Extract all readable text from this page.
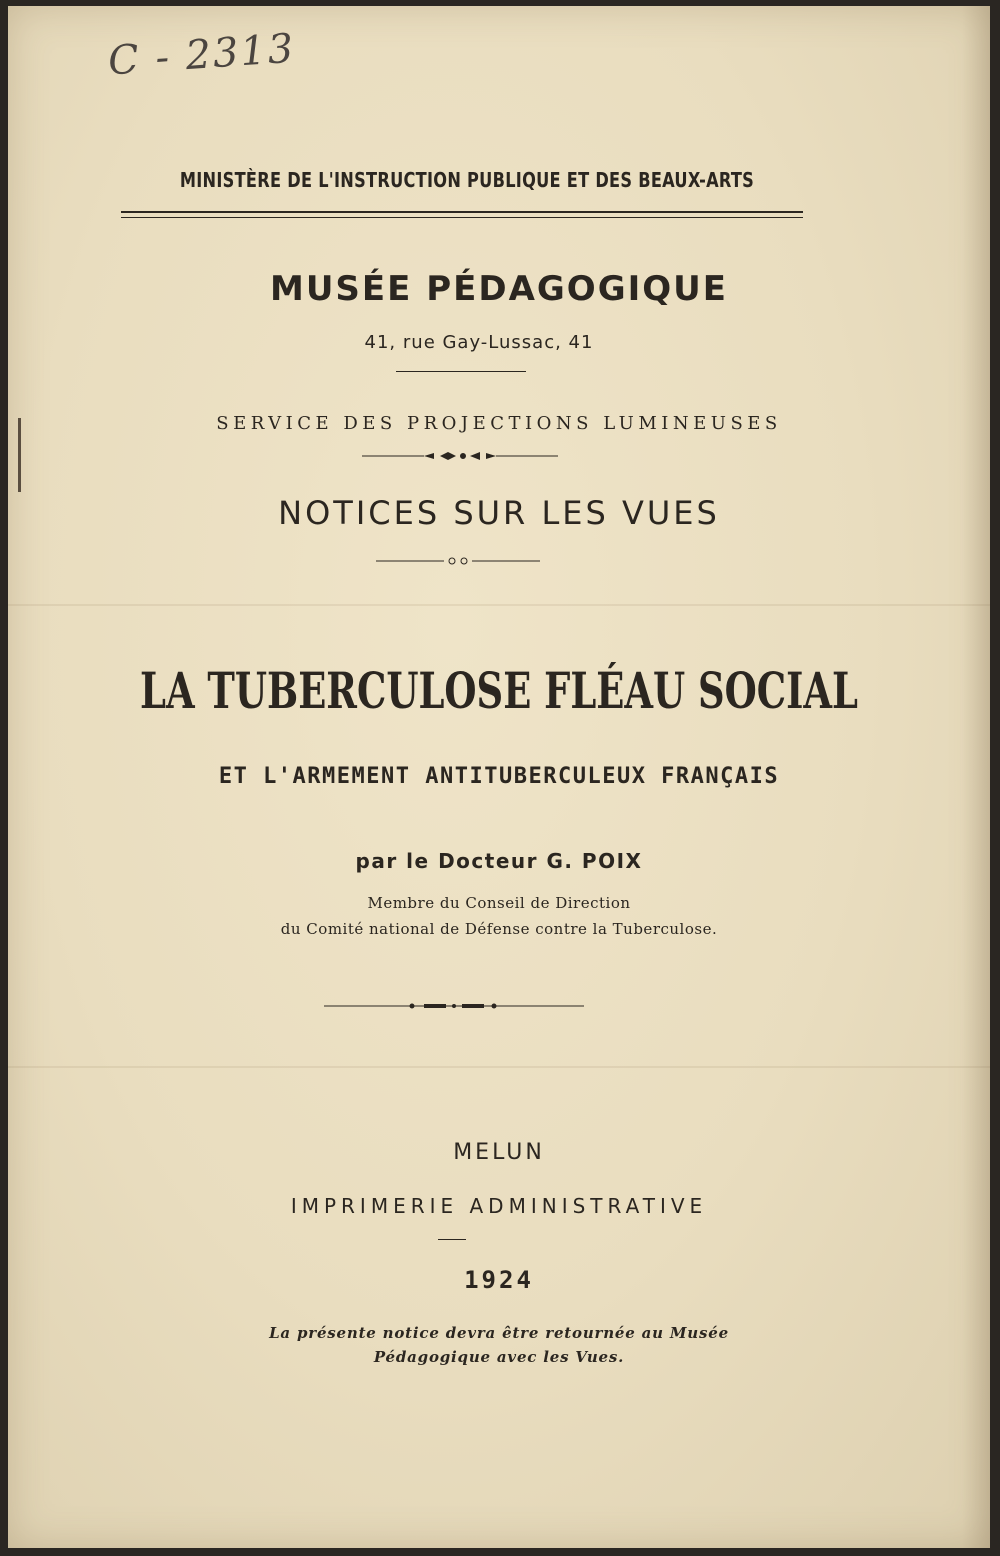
C - 2313
MINISTÈRE DE L'INSTRUCTION PUBLIQUE ET DES BEAUX-ARTS
MUSÉE PÉDAGOGIQUE
41, rue Gay-Lussac, 41
SERVICE DES PROJECTIONS LUMINEUSES
NOTICES SUR LES VUES
LA TUBERCULOSE FLÉAU SOCIAL
ET L'ARMEMENT ANTITUBERCULEUX FRANÇAIS
par le Docteur G. POIX
Membre du Conseil de Direction
du Comité national de Défense contre la Tuberculose.
MELUN
IMPRIMERIE ADMINISTRATIVE
1924
La présente notice devra être retournée au Musée
Pédagogique avec les Vues.
